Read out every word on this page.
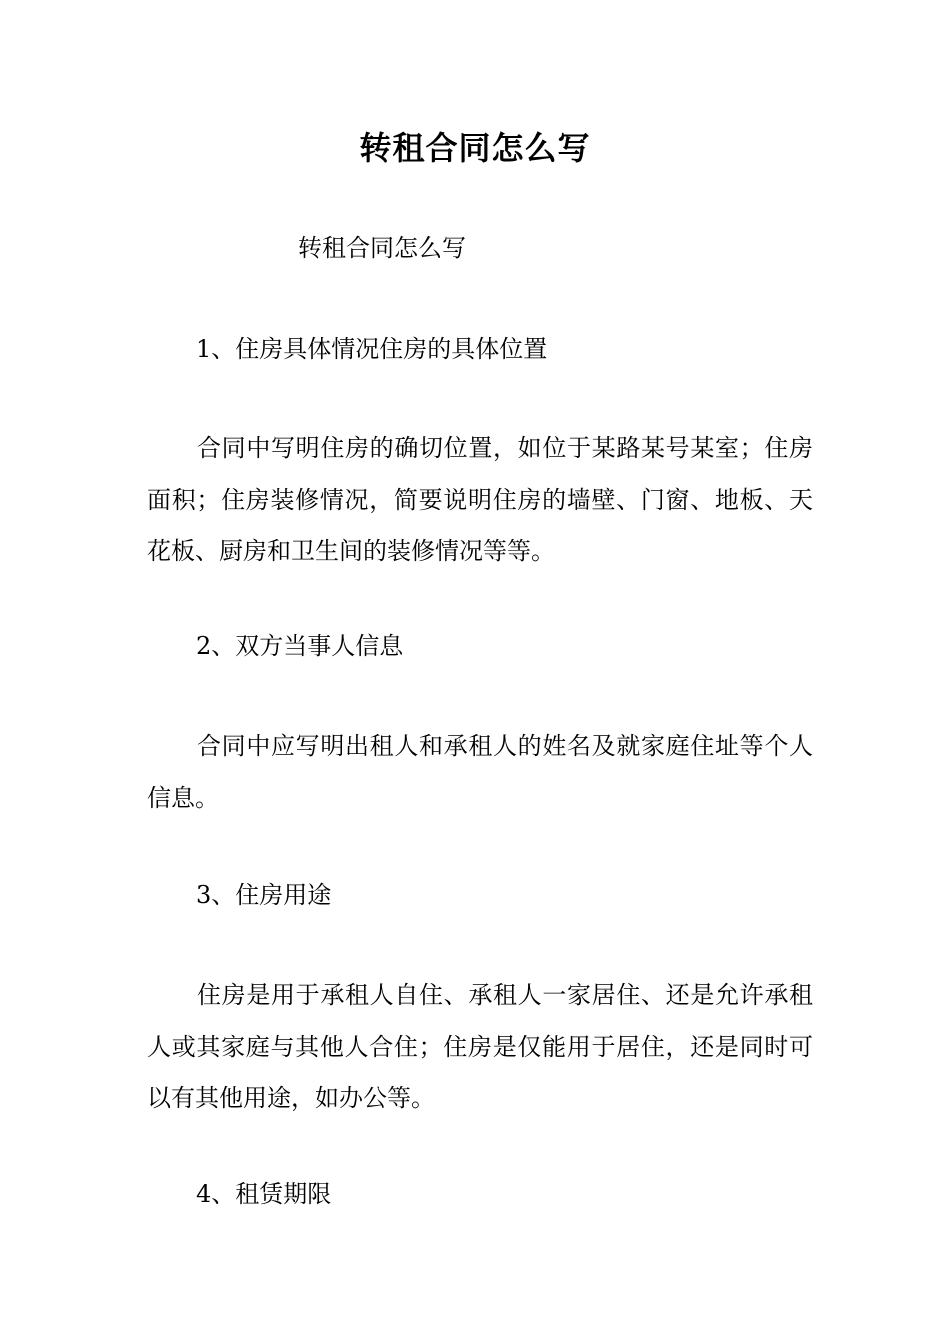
转租合同怎么写
转租合同怎么写
1、住房具体情况住房的具体位置
合同中写明住房的确切位置，如位于某路某号某室；住房面积；住房装修情况，简要说明住房的墙壁、门窗、地板、天花板、厨房和卫生间的装修情况等等。
2、双方当事人信息
合同中应写明出租人和承租人的姓名及就家庭住址等个人信息。
3、住房用途
住房是用于承租人自住、承租人一家居住、还是允许承租人或其家庭与其他人合住；住房是仅能用于居住，还是同时可以有其他用途，如办公等。
4、租赁期限
